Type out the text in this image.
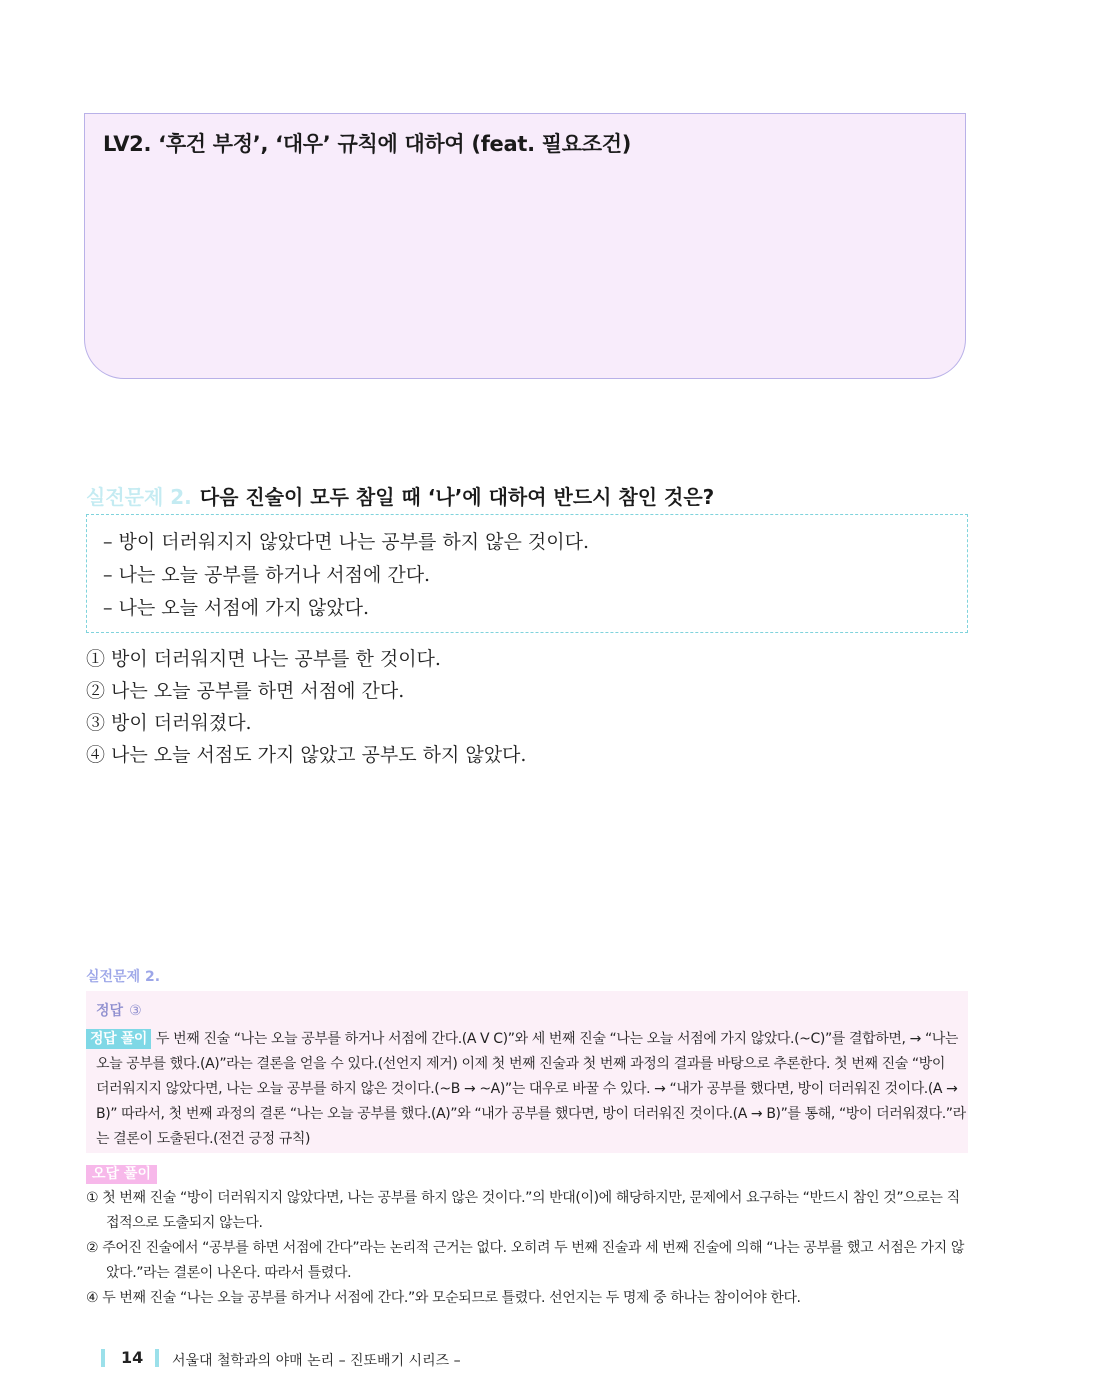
LV2. ‘후건 부정’, ‘대우’ 규칙에 대하여 (feat. 필요조건)
실전문제 2. 다음 진술이 모두 참일 때 ‘나’에 대하여 반드시 참인 것은?
– 방이 더러워지지 않았다면 나는 공부를 하지 않은 것이다.
– 나는 오늘 공부를 하거나 서점에 간다.
– 나는 오늘 서점에 가지 않았다.
① 방이 더러워지면 나는 공부를 한 것이다.
② 나는 오늘 공부를 하면 서점에 간다.
③ 방이 더러워졌다.
④ 나는 오늘 서점도 가지 않았고 공부도 하지 않았다.
실전문제 2.
정답 ③
정답 풀이 두 번째 진술 “나는 오늘 공부를 하거나 서점에 간다.(A V C)”와 세 번째 진술 “나는 오늘 서점에 가지 않았다.(~C)”를 결합하면, → “나는
오늘 공부를 했다.(A)”라는 결론을 얻을 수 있다.(선언지 제거) 이제 첫 번째 진술과 첫 번째 과정의 결과를 바탕으로 추론한다. 첫 번째 진술 “방이
더러워지지 않았다면, 나는 오늘 공부를 하지 않은 것이다.(~B → ~A)”는 대우로 바꿀 수 있다. → “내가 공부를 했다면, 방이 더러워진 것이다.(A →
B)” 따라서, 첫 번째 과정의 결론 “나는 오늘 공부를 했다.(A)”와 “내가 공부를 했다면, 방이 더러워진 것이다.(A → B)”를 통해, “방이 더러워졌다.”라
는 결론이 도출된다.(전건 긍정 규칙)
오답 풀이
① 첫 번째 진술 “방이 더러워지지 않았다면, 나는 공부를 하지 않은 것이다.”의 반대(이)에 해당하지만, 문제에서 요구하는 “반드시 참인 것”으로는 직
접적으로 도출되지 않는다.
② 주어진 진술에서 “공부를 하면 서점에 간다”라는 논리적 근거는 없다. 오히려 두 번째 진술과 세 번째 진술에 의해 “나는 공부를 했고 서점은 가지 않
았다.”라는 결론이 나온다. 따라서 틀렸다.
④ 두 번째 진술 “나는 오늘 공부를 하거나 서점에 간다.”와 모순되므로 틀렸다. 선언지는 두 명제 중 하나는 참이어야 한다.
14 서울대 철학과의 야매 논리 – 진또배기 시리즈 –
